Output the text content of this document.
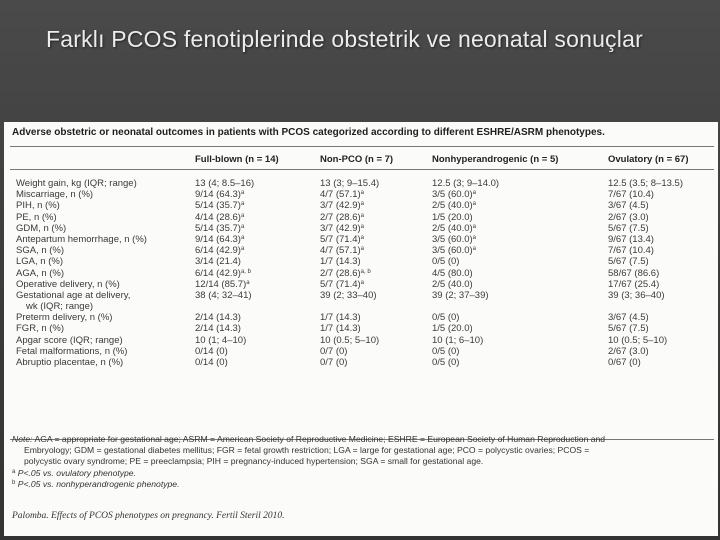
Farklı PCOS fenotiplerinde obstetrik ve neonatal sonuçlar
Adverse obstetric or neonatal outcomes in patients with PCOS categorized according to different ESHRE/ASRM phenotypes.
Full-blown (n = 14)	Non-PCO (n = 7)	Nonhyperandrogenic (n = 5)	Ovulatory (n = 67)
Weight gain, kg (IQR; range)	13 (4; 8.5–16)	13 (3; 9–15.4)	12.5 (3; 9–14.0)	12.5 (3.5; 8–13.5)
Miscarriage, n (%)	9/14 $(64.3)^a$	4/7 $(57.1)^a$	3/5 $(60.0)^a$	7/67 (10.4)
PIH, n (%)	5/14 $(35.7)^a$	3/7 $(42.9)^a$	2/5 $(40.0)^a$	3/67 (4.5)
PE, n (%)	4/14 $(28.6)^a$	2/7 $(28.6)^a$	1/5 (20.0)	2/67 (3.0)
GDM, n (%)	5/14 $(35.7)^a$	3/7 $(42.9)^a$	2/5 $(40.0)^a$	5/67 (7.5)
Antepartum hemorrhage, n (%)	9/14 $(64.3)^a$	5/7 $(71.4)^a$	3/5 $(60.0)^a$	9/67 (13.4)
SGA, n (%)	6/14 $(42.9)^a$	4/7 $(57.1)^a$	3/5 $(60.0)^a$	7/67 (10.4)
LGA, n (%)	3/14 (21.4)	1/7 (14.3)	0/5 (0)	5/67 (7.5)
AGA, n (%)	6/14 $(42.9)^{a, b}$	2/7 $(28.6)^{a, b}$	4/5 (80.0)	58/67 (86.6)
Operative delivery, n (%)	12/14 $(85.7)^a$	5/7 $(71.4)^a$	2/5 (40.0)	17/67 (25.4)
Gestational age at delivery,
wk (IQR; range)
38 (4; 32–41)	39 (2; 33–40)	39 (2; 37–39)	39 (3; 36–40)
Preterm delivery, n (%)	2/14 (14.3)	1/7 (14.3)	0/5 (0)	3/67 (4.5)
FGR, n (%)	2/14 (14.3)	1/7 (14.3)	1/5 (20.0)	5/67 (7.5)
Apgar score (IQR; range)	10 (1; 4–10)	10 (0.5; 5–10)	10 (1; 6–10)	10 (0.5; 5–10)
Fetal malformations, n (%)	0/14 (0)	0/7 (0)	0/5 (0)	2/67 (3.0)
Abruptio placentae, n (%)	0/14 (0)	0/7 (0)	0/5 (0)	0/67 (0)
Note: AGA = appropriate for gestational age; ASRM = American Society of Reproductive Medicine; ESHRE = European Society of Human Reproduction and
Embryology; GDM = gestational diabetes mellitus; FGR = fetal growth restriction; LGA = large for gestational age; PCO = polycystic ovaries; PCOS =
polycystic ovary syndrome; PE = preeclampsia; PIH = pregnancy-induced hypertension; SGA = small for gestational age.
$^a$ P<.05 vs. ovulatory phenotype.
$^b$ P<.05 vs. nonhyperandrogenic phenotype.
Palomba. Effects of PCOS phenotypes on pregnancy. Fertil Steril 2010.
